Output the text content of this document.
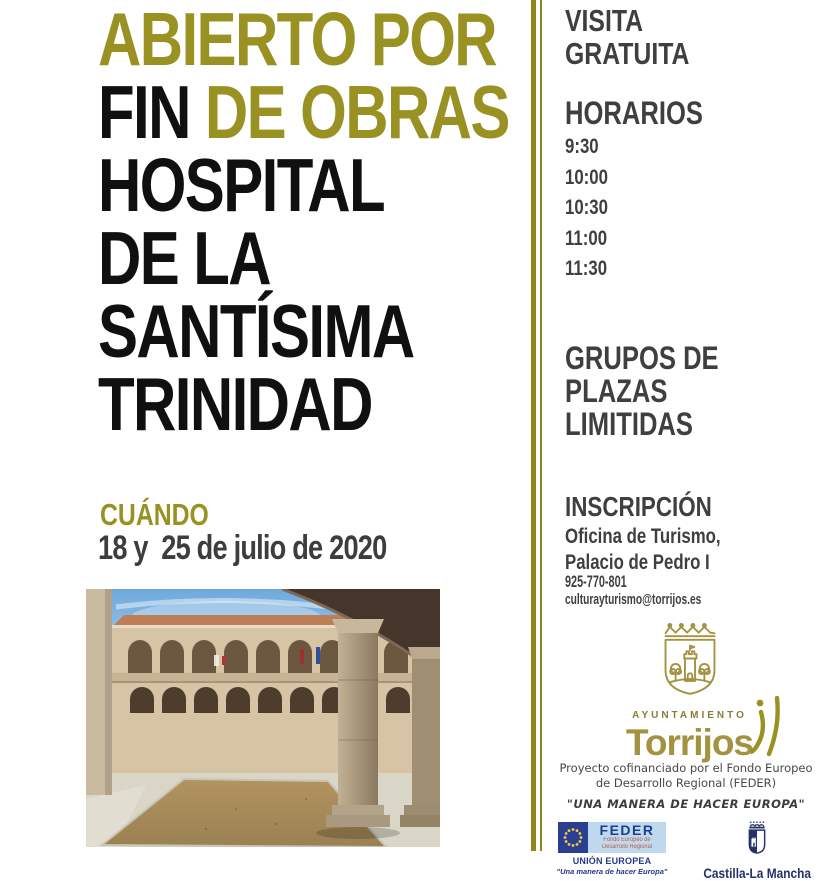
ABIERTO POR
FIN DE OBRAS
HOSPITAL
DE LA
SANTÍSIMA
TRINIDAD
CUÁNDO
18 y  25 de julio de 2020
VISITA
GRATUITA
HORARIOS
9:30
10:00
10:30
11:00
11:30
GRUPOS DE
PLAZAS
LIMITIDAS
INSCRIPCIÓN
Oficina de Turismo,
Palacio de Pedro I
925-770-801
culturayturismo@torrijos.es
AYUNTAMIENTO
Torrijos
Proyecto cofinanciado por el Fondo Europeo
de Desarrollo Regional (FEDER)
"UNA MANERA DE HACER EUROPA"
FEDER
Fondo Europeo de
Desarrollo Regional
UNIÓN EUROPEA
"Una manera de hacer Europa"	Castilla-La Mancha
